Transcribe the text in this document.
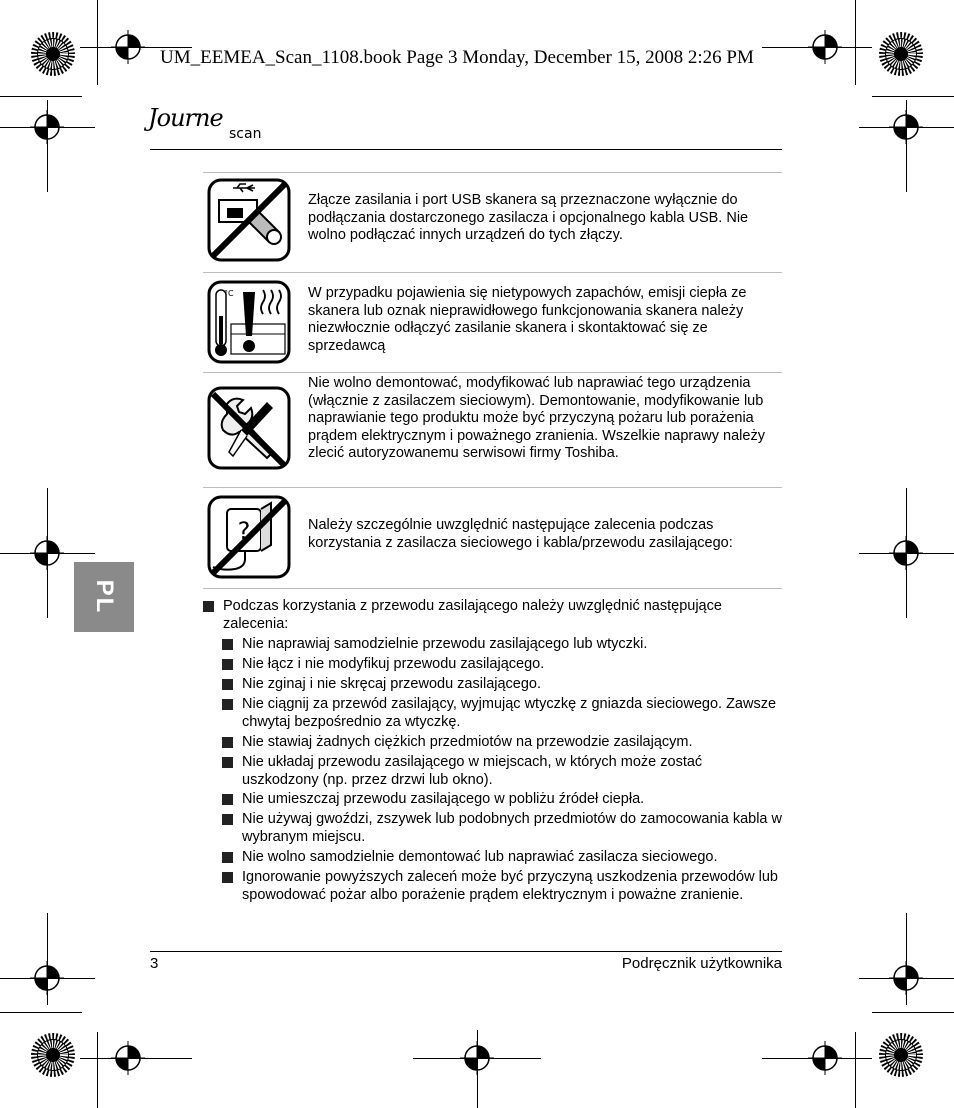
UM_EEMEA_Scan_1108.book Page 3 Monday, December 15, 2008 2:26 PM
Journe
scan
Złącze zasilania i port USB skanera są przeznaczone wyłącznie do podłączania dostarczonego zasilacza i opcjonalnego kabla USB. Nie wolno podłączać innych urządzeń do tych złączy.
°C	W przypadku pojawienia się nietypowych zapachów, emisji ciepła ze skanera lub oznak nieprawidłowego funkcjonowania skanera należy niezwłocznie odłączyć zasilanie skanera i skontaktować się ze sprzedawcą
Nie wolno demontować, modyfikować lub naprawiać tego urządzenia (włącznie z zasilaczem sieciowym). Demontowanie, modyfikowanie lub naprawianie tego produktu może być przyczyną pożaru lub porażenia prądem elektrycznym i poważnego zranienia. Wszelkie naprawy należy zlecić autoryzowanemu serwisowi firmy Toshiba.
?	Należy szczególnie uwzględnić następujące zalecenia podczas korzystania z zasilacza sieciowego i kabla/przewodu zasilającego:
PL	Podczas korzystania z przewodu zasilającego należy uwzględnić następujące zalecenia:
Nie naprawiaj samodzielnie przewodu zasilającego lub wtyczki.
Nie łącz i nie modyfikuj przewodu zasilającego.
Nie zginaj i nie skręcaj przewodu zasilającego.
Nie ciągnij za przewód zasilający, wyjmując wtyczkę z gniazda sieciowego. Zawsze chwytaj bezpośrednio za wtyczkę.
Nie stawiaj żadnych ciężkich przedmiotów na przewodzie zasilającym.
Nie układaj przewodu zasilającego w miejscach, w których może zostać uszkodzony (np. przez drzwi lub okno).
Nie umieszczaj przewodu zasilającego w pobliżu źródeł ciepła.
Nie używaj gwoździ, zszywek lub podobnych przedmiotów do zamocowania kabla w wybranym miejscu.
Nie wolno samodzielnie demontować lub naprawiać zasilacza sieciowego.
Ignorowanie powyższych zaleceń może być przyczyną uszkodzenia przewodów lub spowodować pożar albo porażenie prądem elektrycznym i poważne zranienie.
3	Podręcznik użytkownika
